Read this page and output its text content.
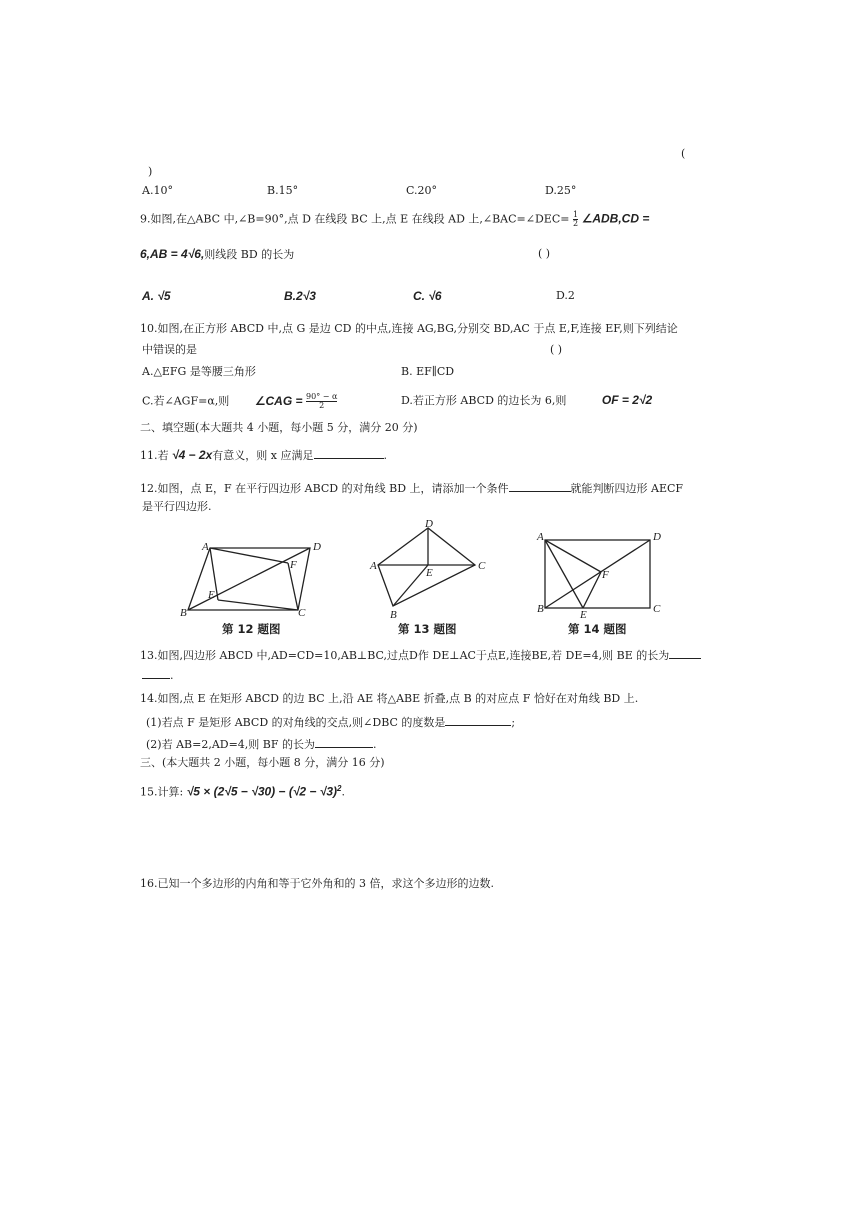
(
)
A.10°	B.15°	C.20°	D.25°
9.如图,在△ABC 中,∠B=90°,点 D 在线段 BC 上,点 E 在线段 AD 上,∠BAC=∠DEC= $\frac{1}{2}$ ∠ADB,CD =
6,AB = 4√6,则线段 BD 的长为	( )
A. √5	B.2√3	C. √6	D.2
10.如图,在正方形 ABCD 中,点 G 是边 CD 的中点,连接 AG,BG,分别交 BD,AC 于点 E,F,连接 EF,则下列结论
中错误的是	( )
A.△EFG 是等腰三角形	B. EF∥CD
C.若∠AGF=α,则 ∠CAG = $\frac{90^\circ - \alpha}{2}$	D.若正方形 ABCD 的边长为 6,则	OF = 2√2
二、填空题(本大题共 4 小题，每小题 5 分，满分 20 分)
11.若 √4 − 2x有意义，则 x 应满足	.
12.如图，点 E，F 在平行四边形 ABCD 的对角线 BD 上，请添加一个条件	就能判断四边形 AECF
是平行四边形.
A	D
F
E
B	C
第 12 题图
D
A
E
C
B
第 13 题图
A	D
F
B	E	C
第 14 题图
13.如图,四边形 ABCD 中,AD=CD=10,AB⊥BC,过点D作 DE⊥AC于点E,连接BE,若 DE=4,则 BE 的长为
.
14.如图,点 E 在矩形 ABCD 的边 BC 上,沿 AE 将△ABE 折叠,点 B 的对应点 F 恰好在对角线 BD 上.
(1)若点 F 是矩形 ABCD 的对角线的交点,则∠DBC 的度数是	;
(2)若 AB=2,AD=4,则 BF 的长为	.
三、(本大题共 2 小题，每小题 8 分，满分 16 分)
15.计算: $√5 \times (2√5 - √30) - (√2 - √3)^2$.
16.已知一个多边形的内角和等于它外角和的 3 倍，求这个多边形的边数.
